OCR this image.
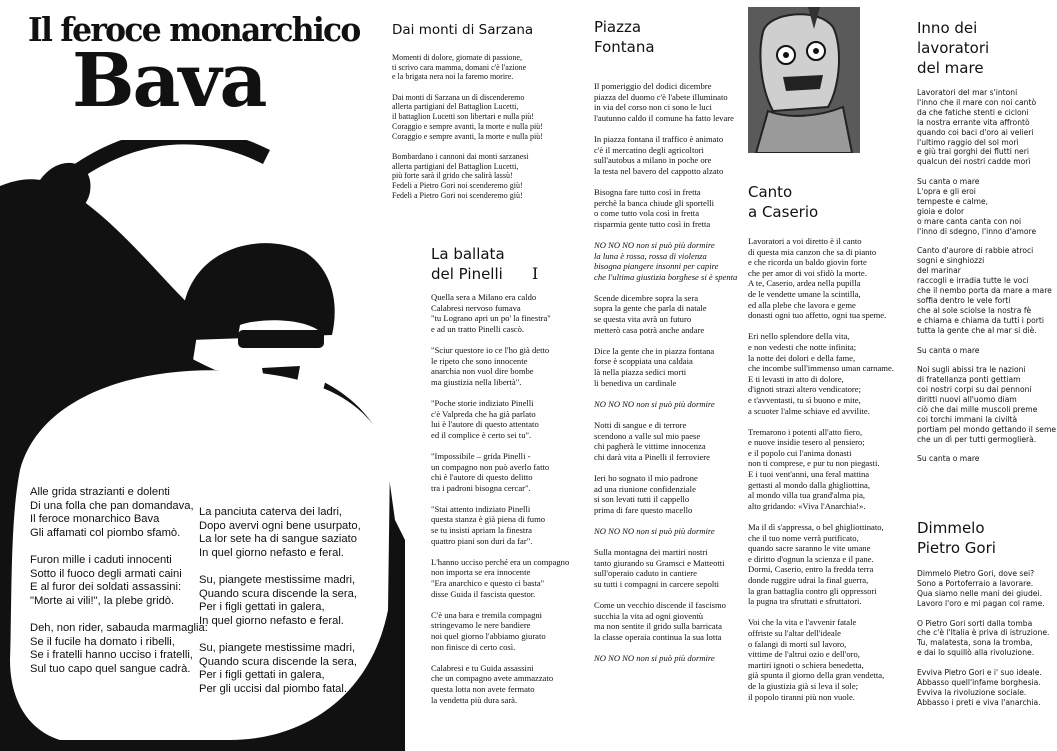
Il feroce monarchico
Bava
Alle grida strazianti e dolenti
Di una folla che pan domandava,
Il feroce monarchico Bava
Gli affamati col piombo sfamò.
Furon mille i caduti innocenti
Sotto il fuoco degli armati caini
E al furor dei soldati assassini:
"Morte ai vili!", la plebe gridò.
Deh, non rider, sabauda marmaglia:
Se il fucile ha domato i ribelli,
Se i fratelli hanno ucciso i fratelli,
Sul tuo capo quel sangue cadrà.
La panciuta caterva dei ladri,
Dopo avervi ogni bene usurpato,
La lor sete ha di sangue saziato
In quel giorno nefasto e feral.
Su, piangete mestissime madri,
Quando scura discende la sera,
Per i figli gettati in galera,
In quel giorno nefasto e feral.
Su, piangete mestissime madri,
Quando scura discende la sera,
Per i figli gettati in galera,
Per gli uccisi dal piombo fatal.
Dai monti di Sarzana
Momenti di dolore, giornate di passione,
ti scrivo cara mamma, domani c'è l'azione
e la brigata nera noi la faremo morire.
Dai monti di Sarzana un dì discenderemo
allerta partigiani del Battaglion Lucetti,
il battaglion Lucetti son libertari e nulla più!
Coraggio e sempre avanti, la morte e nulla più!
Coraggio e sempre avanti, la morte e nulla più!
Bombardano i cannoni dai monti sarzanesi
allerta partigiani del Battaglion Lucetti,
più forte sarà il grido che salirà lassù!
Fedeli a Pietro Gori noi scenderemo giù!
Fedeli a Pietro Gori noi scenderemo giù!
La ballata
del Pinelli I
Quella sera a Milano era caldo
Calabresi nervoso fumava
"tu Lograno apri un po' la finestra"
e ad un tratto Pinelli cascò.
"Sciur questore io ce l'ho già detto
le ripeto che sono innocente
anarchia non vuol dire bombe
ma giustizia nella libertà".
"Poche storie indiziato Pinelli
c'è Valpreda che ha già parlato
lui è l'autore di questo attentato
ed il complice è certo sei tu".
"Impossibile – grida Pinelli -
un compagno non può averlo fatto
chi è l'autore di questo delitto
tra i padroni bisogna cercar".
"Stai attento indiziato Pinelli
questa stanza è già piena di fumo
se tu insisti apriam la finestra
quattro piani son duri da far".
L'hanno ucciso perché era un compagno
non importa se era innocente
"Era anarchico e questo ci basta"
disse Guida il fascista questor.
C'è una bara e tremila compagni
stringevamo le nere bandiere
noi quel giorno l'abbiamo giurato
non finisce di certo così.
Calabresi e tu Guida assassini
che un compagno avete ammazzato
questa lotta non avete fermato
la vendetta più dura sarà.
Piazza
Fontana
Il pomeriggio del dodici dicembre
piazza del duomo c'è l'abete illuminato
in via del corso non ci sono le luci
l'autunno caldo il comune ha fatto levare
In piazza fontana il traffico è animato
c'è il mercatino degli agricoltori
sull'autobus a milano in poche ore
la testa nel bavero del cappotto alzato
Bisogna fare tutto così in fretta
perchè la banca chiude gli sportelli
o come tutto vola così in fretta
risparmia gente tutto così in fretta
NO NO NO non si può più dormire
la luna è rossa, rossa di violenza
bisogna piangere insonni per capire
che l'ultima giustizia borghese si è spenta
Scende dicembre sopra la sera
sopra la gente che parla di natale
se questa vita avrà un futuro
metterò casa potrà anche andare
Dice la gente che in piazza fontana
forse è scoppiata una caldaia
là nella piazza sedici morti
li benediva un cardinale
NO NO NO non si può più dormire
Notti di sangue e di terrore
scendono a valle sul mio paese
chi pagherà le vittime innocenza
chi darà vita a Pinelli il ferroviere
Ieri ho sognato il mio padrone
ad una riunione confidenziale
si son levati tutti il cappello
prima di fare questo macello
NO NO NO non si può più dormire
Sulla montagna dei martiri nostri
tanto giurando su Gramsci e Matteotti
sull'operaio caduto in cantiere
su tutti i compagni in carcere sepolti
Come un vecchio discende il fascismo
succhia la vita ad ogni gioventù
ma non sentite il grido sulla barricata
la classe operaia continua la sua lotta
NO NO NO non si può più dormire
Canto
a Caserio
Lavoratori a voi diretto è il canto
di questa mia canzon che sa di pianto
e che ricorda un baldo giovin forte
che per amor di voi sfidò la morte.
A te, Caserio, ardea nella pupilla
de le vendette umane la scintilla,
ed alla plebe che lavora e geme
donasti ogni tuo affetto, ogni tua speme.
Eri nello splendore della vita,
e non vedesti che notte infinita;
la notte dei dolori e della fame,
che incombe sull'immenso uman carname.
E ti levasti in atto di dolore,
d'ignoti strazi altero vendicatore;
e t'avventasti, tu sì buono e mite,
a scuoter l'alme schiave ed avvilite.
Tremarono i potenti all'atto fiero,
e nuove insidie tesero al pensiero;
e il popolo cui l'anima donasti
non ti comprese, e pur tu non piegasti.
E i tuoi vent'anni, una feral mattina
gettasti al mondo dalla ghigliottina,
al mondo villa tua grand'alma pia,
alto gridando: «Viva l'Anarchia!».
Ma il dì s'appressa, o bel ghigliottinato,
che il tuo nome verrà purificato,
quando sacre saranno le vite umane
e diritto d'ognun la scienza e il pane.
Dormi, Caserio, entro la fredda terra
donde ruggire udrai la final guerra,
la gran battaglia contro gli oppressori
la pugna tra sfruttati e sfruttatori.
Voi che la vita e l'avvenir fatale
offriste su l'altar dell'ideale
o falangi di morti sul lavoro,
vittime de l'altrui ozio e dell'oro,
martiri ignoti o schiera benedetta,
già spunta il giorno della gran vendetta,
de la giustizia già si leva il sole;
il popolo tiranni più non vuole.
Inno dei
lavoratori
del mare
Lavoratori del mar s'intoni
l'inno che il mare con noi cantò
da che fatiche stenti e cicloni
la nostra errante vita affrontò
quando coi baci d'oro ai velieri
l'ultimo raggio del sol morì
e giù trai gorghi dei flutti neri
qualcun dei nostri cadde morì
Su canta o mare
L'opra e gli eroi
tempeste e calme,
gioia e dolor
o mare canta canta con noi
l'inno di sdegno, l'inno d'amore
Canto d'aurore di rabbie atroci
sogni e singhiozzi
del marinar
raccogli e irradia tutte le voci
che il nembo porta da mare a mare
soffia dentro le vele forti
che al sole sciolse la nostra fè
e chiama e chiama da tutti i porti
tutta la gente che al mar si diè.
Su canta o mare
Noi sugli abissi tra le nazioni
di fratellanza ponti gettiam
coi nostri corpi su dai pennoni
diritti nuovi all'uomo diam
ciò che dai mille muscoli preme
coi torchi immani la civiltà
portiam pel mondo gettando il seme
che un dì per tutti germoglierà.
Su canta o mare
Dimmelo
Pietro Gori
Dimmelo Pietro Gori, dove sei?
Sono a Portoferraio a lavorare.
Qua siamo nelle mani dei giudei.
Lavoro l'oro e mi pagan col rame.
O Pietro Gori sorti dalla tomba
che c'è l'Italia è priva di istruzione.
Tu, malatesta, sona la tromba,
e dai lo squillò alla rivoluzione.
Evviva Pietro Gori e i' suo ideale.
Abbasso quell'infame borghesia.
Evviva la rivoluzione sociale.
Abbasso i preti e viva l'anarchia.
